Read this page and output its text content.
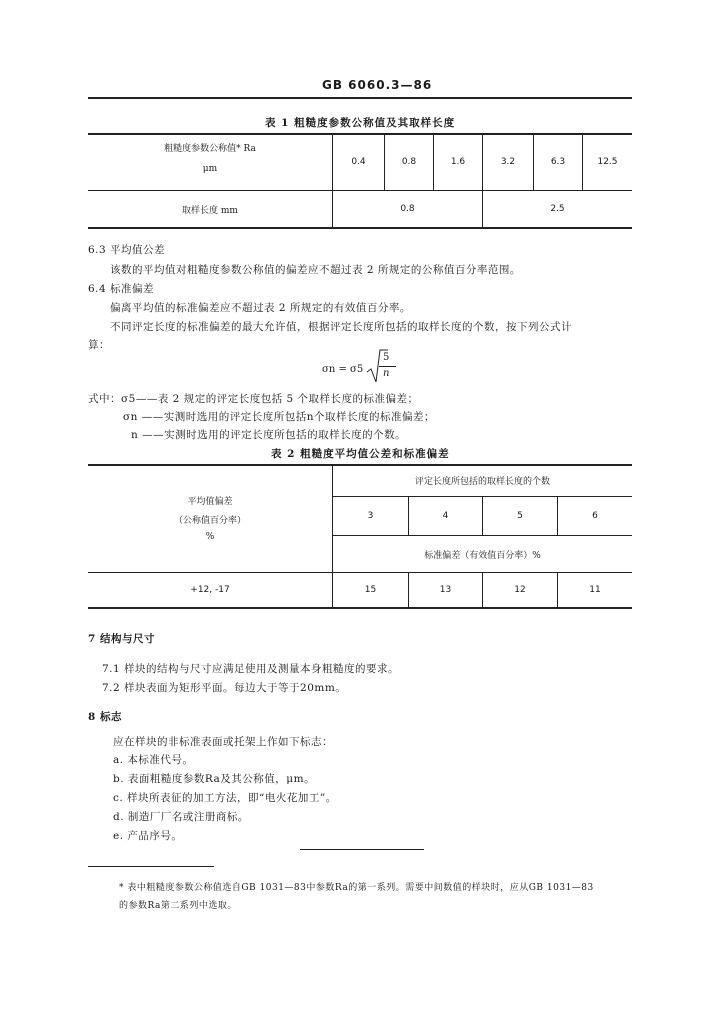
GB 6060.3—86
表 1 粗糙度参数公称值及其取样长度
粗糙度参数公称值* Ra
μm
0.4	0.8	1.6	3.2	6.3	12.5
取样长度 mm	0.8	2.5
6.3 平均值公差
该数的平均值对粗糙度参数公称值的偏差应不超过表 2 所规定的公称值百分率范围。
6.4 标准偏差
偏离平均值的标准偏差应不超过表 2 所规定的有效值百分率。
不同评定长度的标准偏差的最大允许值，根据评定长度所包括的取样长度的个数，按下列公式计
算：
σn = σ5
5
n
式中：σ5——表 2 规定的评定长度包括 5 个取样长度的标准偏差；
σn ——实测时选用的评定长度所包括n个取样长度的标准偏差；
n ——实测时选用的评定长度所包括的取样长度的个数。
表 2 粗糙度平均值公差和标准偏差
平均值偏差
（公称值百分率）
%
评定长度所包括的取样长度的个数
3	4	5	6
标准偏差（有效值百分率）%
+12, -17	15	13	12	11
7 结构与尺寸
7.1 样块的结构与尺寸应满足使用及测量本身粗糙度的要求。
7.2 样块表面为矩形平面。每边大于等于20mm。
8 标志
应在样块的非标准表面或托架上作如下标志：
a. 本标准代号。
b. 表面粗糙度参数Ra及其公称值，μm。
c. 样块所表征的加工方法，即“电火花加工”。
d. 制造厂厂名或注册商标。
e. 产品序号。
* 表中粗糙度参数公称值选自GB 1031—83中参数Ra的第一系列。需要中间数值的样块时，应从GB 1031—83
的参数Ra第二系列中选取。
